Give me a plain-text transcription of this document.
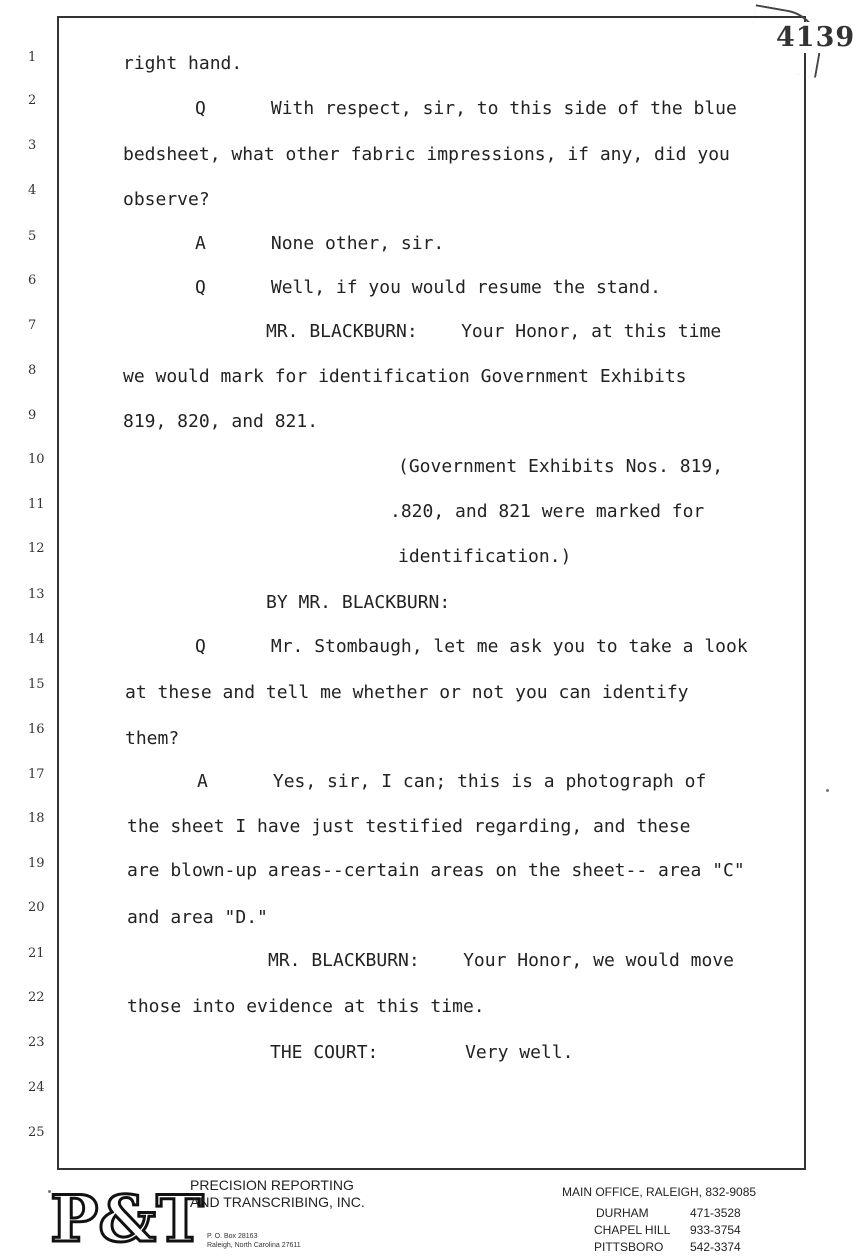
4139
1
2
3
4
5
6
7
8
9
10
11
12
13
14
15
16
17
18
19
20
21
22
23
24
25
right hand.
Q      With respect, sir, to this side of the blue
bedsheet, what other fabric impressions, if any, did you
observe?
A      None other, sir.
Q      Well, if you would resume the stand.
MR. BLACKBURN:    Your Honor, at this time
we would mark for identification Government Exhibits
819, 820, and 821.
(Government Exhibits Nos. 819,
.820, and 821 were marked for
identification.)
BY MR. BLACKBURN:
Q      Mr. Stombaugh, let me ask you to take a look
at these and tell me whether or not you can identify
them?
A      Yes, sir, I can; this is a photograph of
the sheet I have just testified regarding, and these
are blown-up areas--certain areas on the sheet-- area "C"
and area "D."
MR. BLACKBURN:    Your Honor, we would move
those into evidence at this time.
THE COURT:        Very well.
P&T
PRECISION REPORTING
AND TRANSCRIBING, INC.
P. O. Box 28163
Raleigh, North Carolina 27611
MAIN OFFICE, RALEIGH, 832-9085
DURHAM	471-3528
CHAPEL HILL 933-3754
PITTSBORO 542-3374
